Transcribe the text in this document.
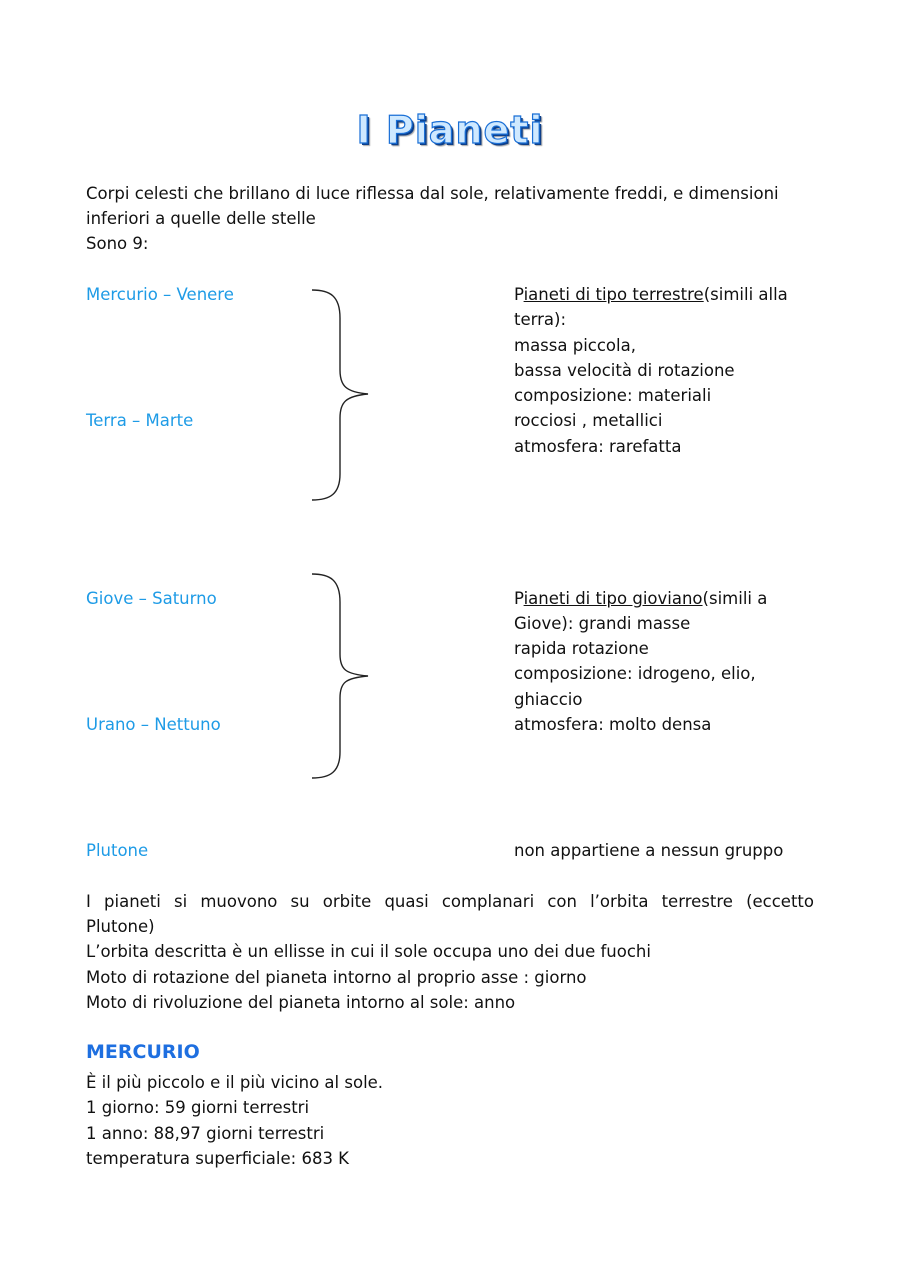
I Pianeti
Corpi celesti che brillano di luce riflessa dal sole, relativamente freddi, e dimensioni
inferiori a quelle delle stelle
Sono 9:
Mercurio – Venere
Terra – Marte
Pianeti di tipo terrestre(simili alla
terra):
massa piccola,
bassa velocità di rotazione
composizione: materiali
rocciosi , metallici
atmosfera: rarefatta
Giove – Saturno
Urano – Nettuno
Pianeti di tipo gioviano(simili a
Giove): grandi masse
rapida rotazione
composizione: idrogeno, elio,
ghiaccio
atmosfera: molto densa
Plutone	non appartiene a nessun gruppo
I pianeti si muovono su orbite quasi complanari con l’orbita terrestre (eccetto
Plutone)
L’orbita descritta è un ellisse in cui il sole occupa uno dei due fuochi
Moto di rotazione del pianeta intorno al proprio asse : giorno
Moto di rivoluzione del pianeta intorno al sole: anno
MERCURIO
È il più piccolo e il più vicino al sole.
1 giorno: 59 giorni terrestri
1 anno: 88,97 giorni terrestri
temperatura superficiale: 683 K
